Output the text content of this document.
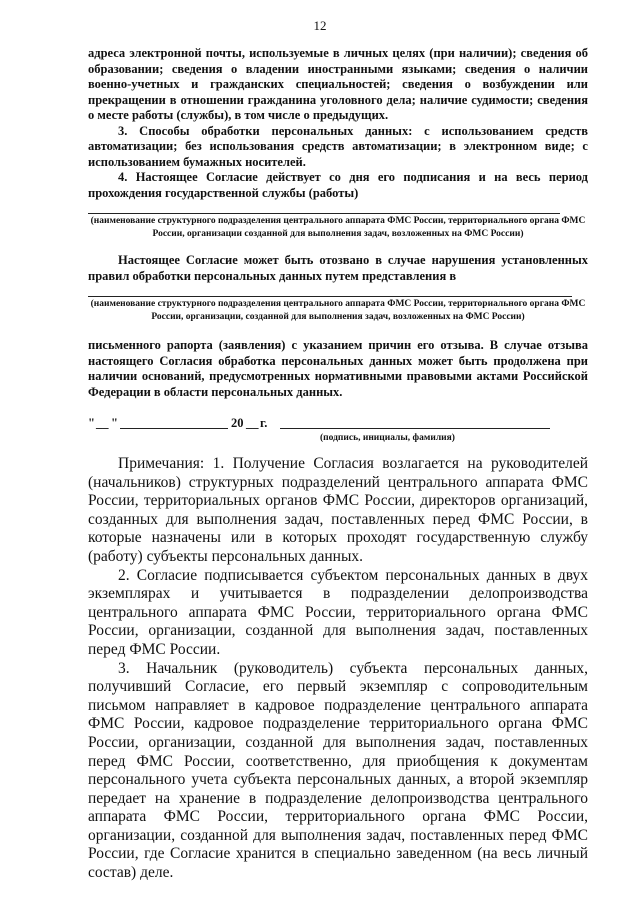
12

адреса электронной почты, используемые в личных целях (при наличии); сведения об образовании; сведения о владении иностранными языками; сведения о наличии военно-учетных и гражданских специальностей; сведения о возбуждении или прекращении в отношении гражданина уголовного дела; наличие судимости; сведения о месте работы (службы), в том числе о предыдущих.

3. Способы обработки персональных данных: с использованием средств автоматизации; без использования средств автоматизации; в электронном виде; с использованием бумажных носителей.

4. Настоящее Согласие действует со дня его подписания и на весь период прохождения государственной службы (работы)

(наименование структурного подразделения центрального аппарата ФМС России, территориального органа ФМС России, организации созданной для выполнения задач, возложенных на ФМС России)

Настоящее Согласие может быть отозвано в случае нарушения установленных правил обработки персональных данных путем представления в

(наименование структурного подразделения центрального аппарата ФМС России, территориального органа ФМС России, организации, созданной для выполнения задач, возложенных на ФМС России)

письменного рапорта (заявления) с указанием причин его отзыва. В случае отзыва настоящего Согласия обработка персональных данных может быть продолжена при наличии оснований, предусмотренных нормативными правовыми актами Российской Федерации в области персональных данных.

" __ "	20 __ г.
(подпись, инициалы, фамилия)

Примечания: 1. Получение Согласия возлагается на руководителей (начальников) структурных подразделений центрального аппарата ФМС России, территориальных органов ФМС России, директоров организаций, созданных для выполнения задач, поставленных перед ФМС России, в которые назначены или в которых проходят государственную службу (работу) субъекты персональных данных.

2. Согласие подписывается субъектом персональных данных в двух экземплярах и учитывается в подразделении делопроизводства центрального аппарата ФМС России, территориального органа ФМС России, организации, созданной для выполнения задач, поставленных перед ФМС России.

3. Начальник (руководитель) субъекта персональных данных, получивший Согласие, его первый экземпляр с сопроводительным письмом направляет в кадровое подразделение центрального аппарата ФМС России, кадровое подразделение территориального органа ФМС России, организации, созданной для выполнения задач, поставленных перед ФМС России, соответственно, для приобщения к документам персонального учета субъекта персональных данных, а второй экземпляр передает на хранение в подразделение делопроизводства центрального аппарата ФМС России, территориального органа ФМС России, организации, созданной для выполнения задач, поставленных перед ФМС России, где Согласие хранится в специально заведенном (на весь личный состав) деле.
